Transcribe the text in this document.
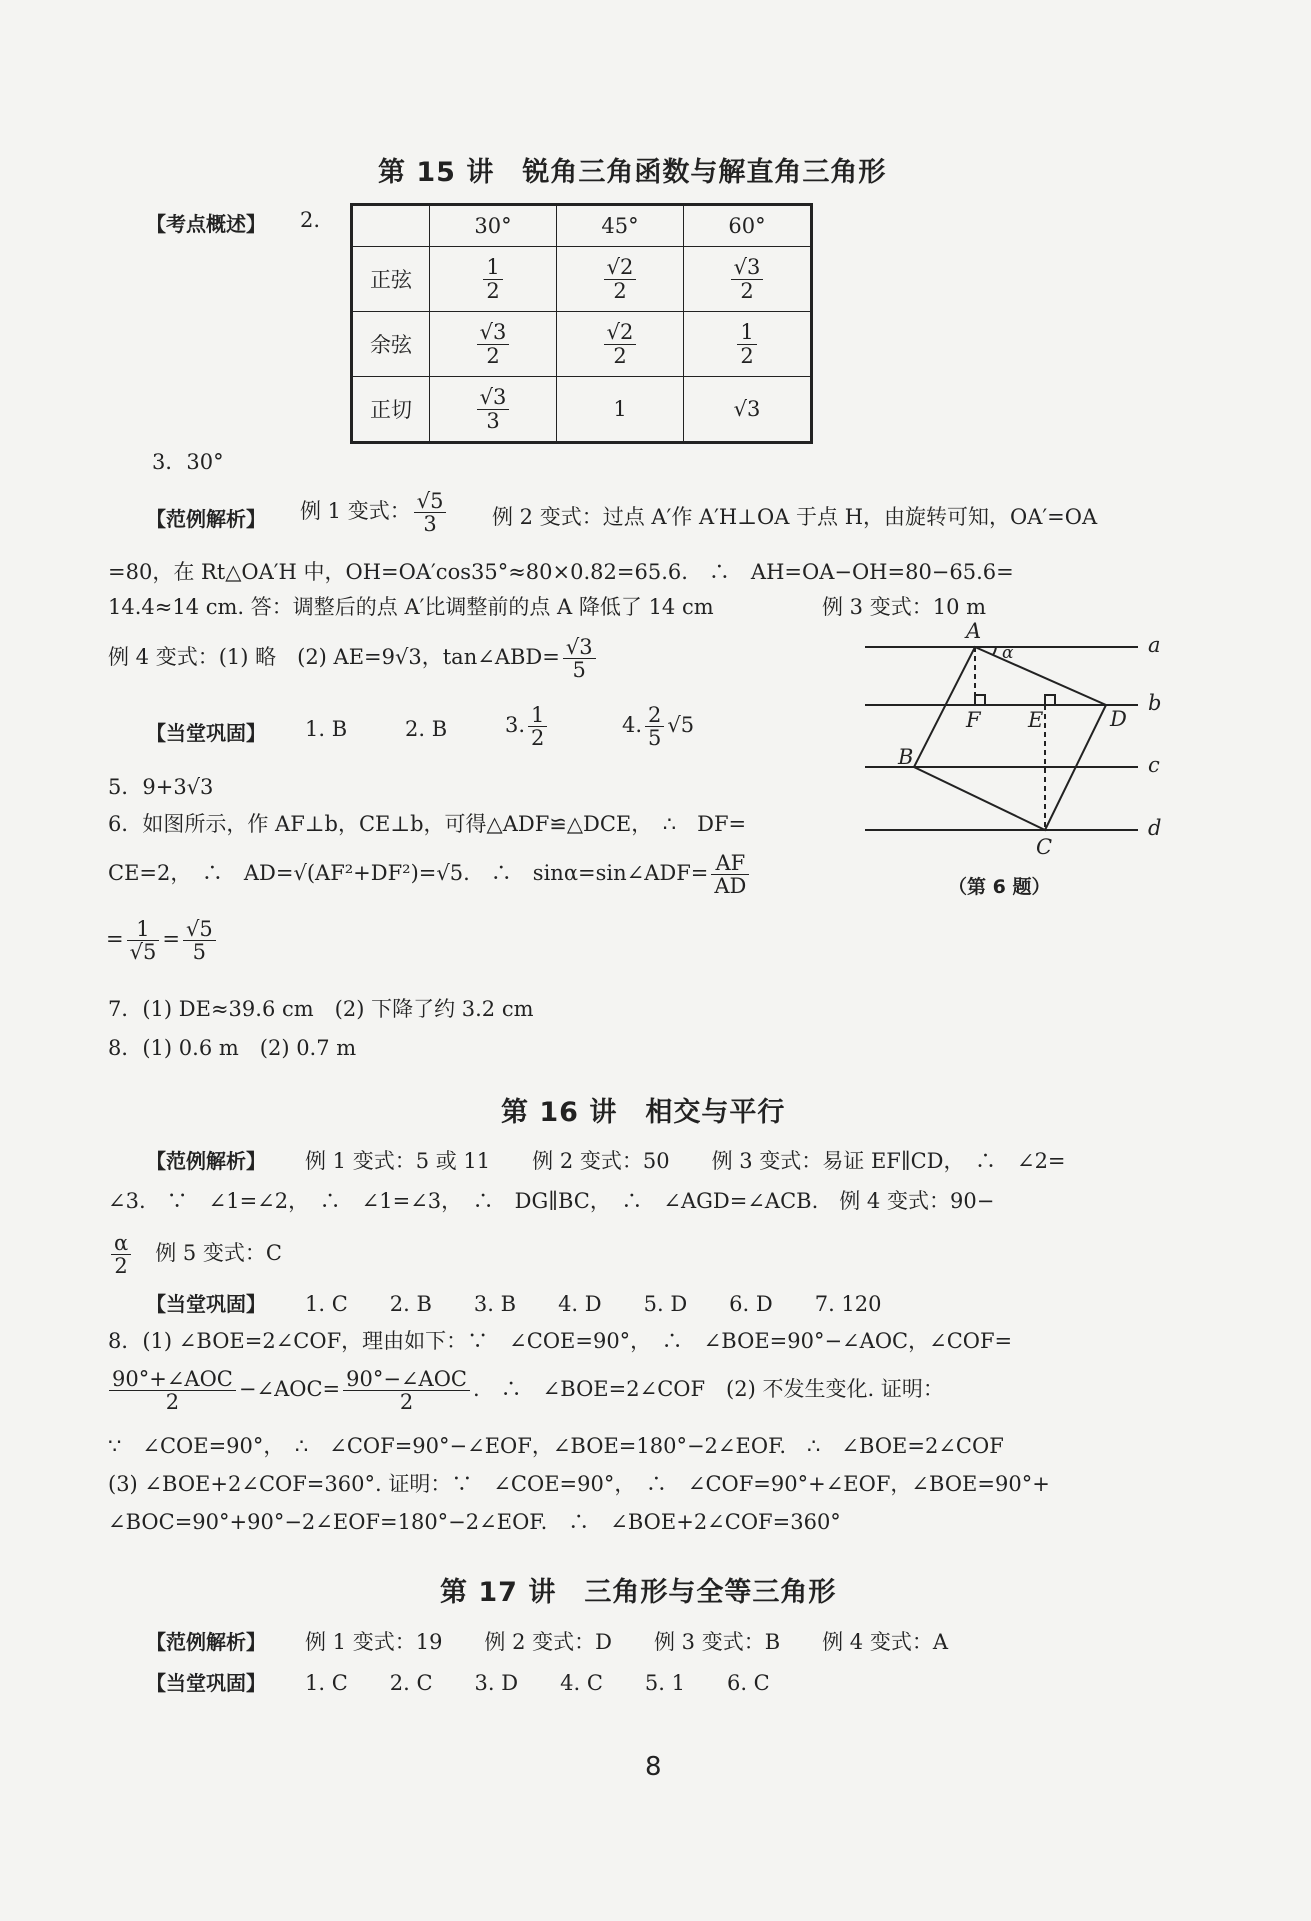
第 15 讲　锐角三角函数与解直角三角形
【考点概述】 2.
		30°	45°	60°
正弦	$\frac{1}{2}$	$\frac{√2}{2}$	$\frac{√3}{2}$

余弦	$\frac{√3}{2}$	$\frac{√2}{2}$	$\frac{1}{2}$

正切	$\frac{√3}{3}$	1	√3
3．30°
【范例解析】 例 1 变式： $\frac{√5}{3}$ 例 2 变式：过点 A′作 A′H⊥OA 于点 H，由旋转可知，OA′=OA
=80，在 Rt△OA′H 中，OH=OA′cos35°≈80×0.82=65.6.　∴　AH=OA−OH=80−65.6=
14.4≈14 cm. 答：调整后的点 A′比调整前的点 A 降低了 14 cm	例 3 变式：10 m
例 4 变式：(1) 略　(2) AE=9√3，tan∠ABD= $\frac{√3}{5}$
【当堂巩固】 1. B	2. B	3. $\frac{1}{2}$	4. $\frac{2}{5} √5$
5．9+3√3
6．如图所示，作 AF⊥b，CE⊥b，可得△ADF≌△DCE，　∴　DF=
CE=2，　∴　AD=√(AF²+DF²)=√5.　∴　sinα=sin∠ADF= $\frac{AF}{AD}$
= $\frac{1}{√5} = \frac{√5}{5}$
7．(1) DE≈39.6 cm　(2) 下降了约 3.2 cm
8．(1) 0.6 m　(2) 0.7 m
A
α	a
F E	D
b
B	c
C
d
（第 6 题）
第 16 讲　相交与平行
【范例解析】 例 1 变式：5 或 11　　例 2 变式：50　　例 3 变式：易证 EF∥CD，　∴　∠2=
∠3.　∵　∠1=∠2，　∴　∠1=∠3，　∴　DG∥BC，　∴　∠AGD=∠ACB.　例 4 变式：90−
$\frac{\alpha}{2}$
　 例 5 变式：C
【当堂巩固】 1. C　　2. B　　3. B　　4. D　　5. D　　6. D　　7. 120
8．(1) ∠BOE=2∠COF，理由如下：∵　∠COE=90°，　∴　∠BOE=90°−∠AOC，∠COF=
$\frac{\text{90°+∠AOC}}{2}$ −∠AOC= $\frac{\text{90°−∠AOC}}{2}$ .　∴　∠BOE=2∠COF　(2) 不发生变化. 证明：
∵　∠COE=90°，　∴　∠COF=90°−∠EOF，∠BOE=180°−2∠EOF.　∴　∠BOE=2∠COF
(3) ∠BOE+2∠COF=360°. 证明：∵　∠COE=90°，　∴　∠COF=90°+∠EOF，∠BOE=90°+
∠BOC=90°+90°−2∠EOF=180°−2∠EOF.　∴　∠BOE+2∠COF=360°
第 17 讲　三角形与全等三角形
【范例解析】 例 1 变式：19　　例 2 变式：D　　例 3 变式：B　　例 4 变式：A
【当堂巩固】 1. C　　2. C　　3. D　　4. C　　5. 1　　6. C
8
